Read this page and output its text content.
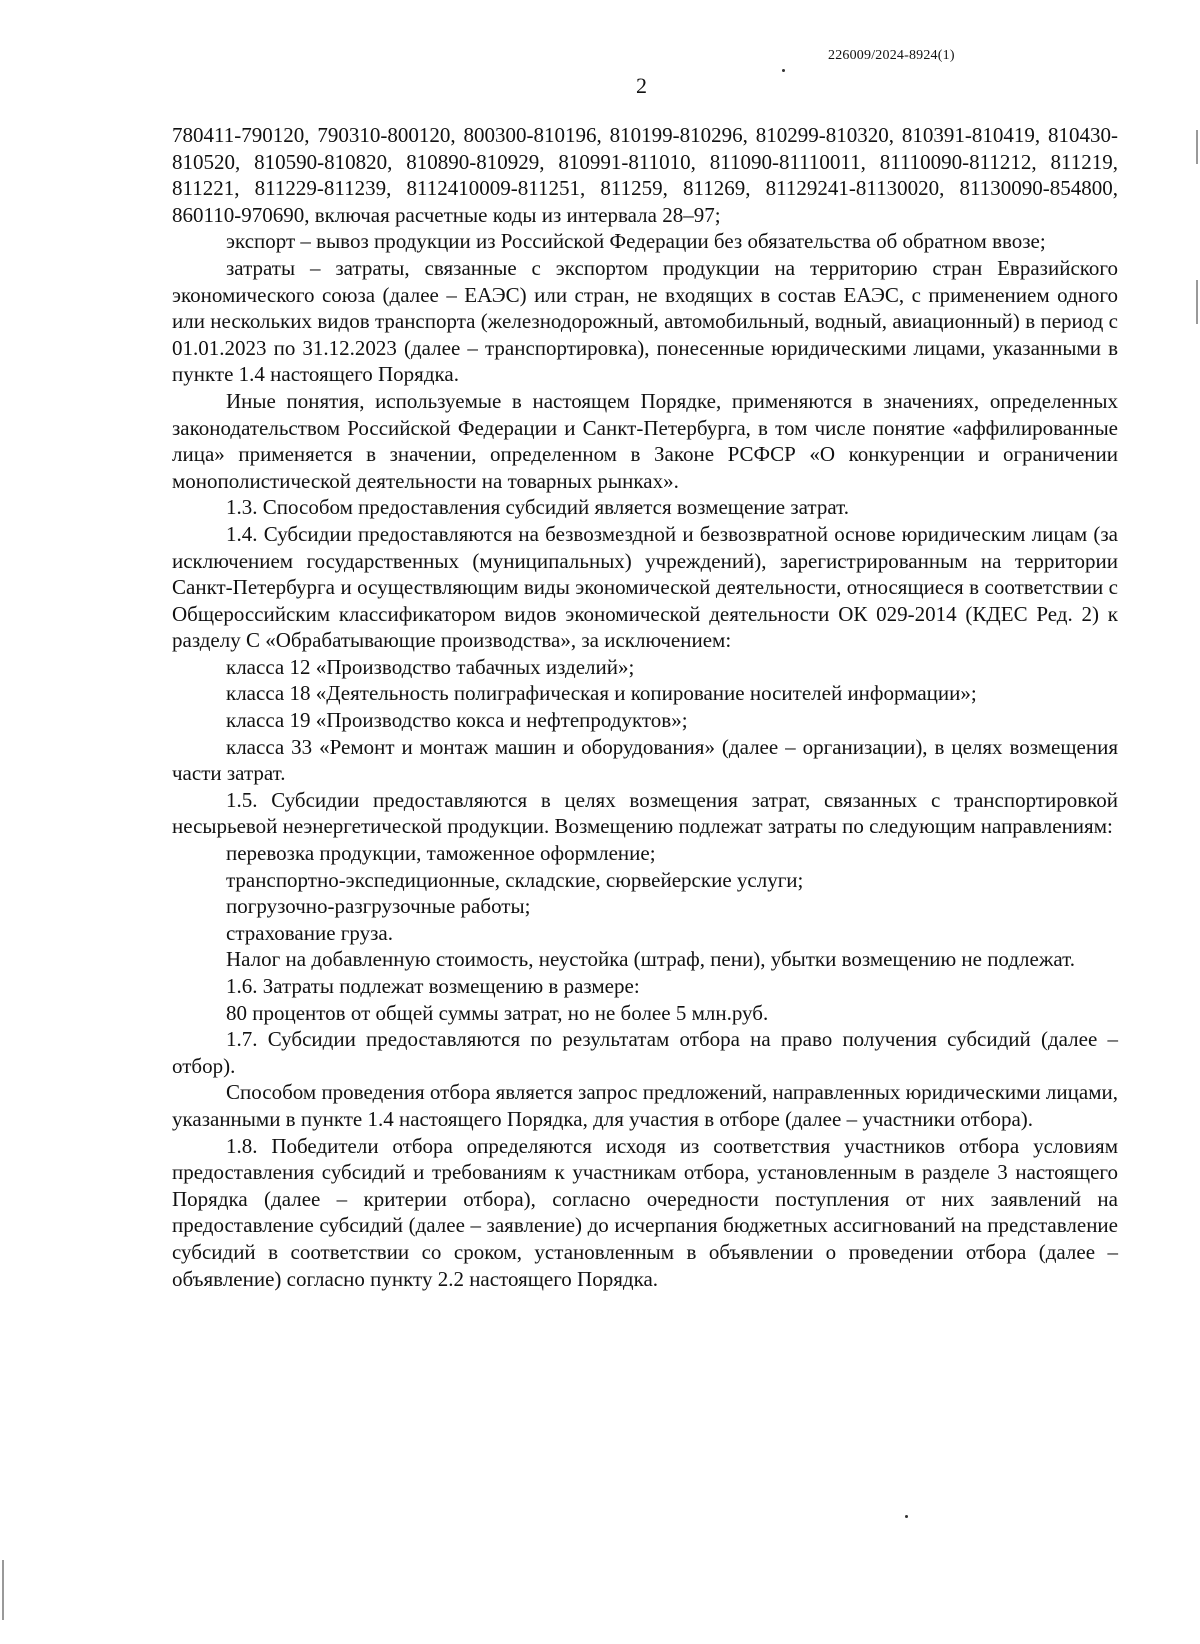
226009/2024-8924(1)
2

780411-790120, 790310-800120, 800300-810196, 810199-810296, 810299-810320, 810391-810419, 810430-810520, 810590-810820, 810890-810929, 810991-811010, 811090-81110011, 81110090-811212, 811219, 811221, 811229-811239, 8112410009-811251, 811259, 811269, 81129241-81130020, 81130090-854800, 860110-970690, включая расчетные коды из интервала 28–97;

экспорт – вывоз продукции из Российской Федерации без обязательства об обратном ввозе;

затраты – затраты, связанные с экспортом продукции на территорию стран Евразийского экономического союза (далее – ЕАЭС) или стран, не входящих в состав ЕАЭС, с применением одного или нескольких видов транспорта (железнодорожный, автомобильный, водный, авиационный) в период с 01.01.2023 по 31.12.2023 (далее – транспортировка), понесенные юридическими лицами, указанными в пункте 1.4 настоящего Порядка.

Иные понятия, используемые в настоящем Порядке, применяются в значениях, определенных законодательством Российской Федерации и Санкт-Петербурга, в том числе понятие «аффилированные лица» применяется в значении, определенном в Законе РСФСР «О конкуренции и ограничении монополистической деятельности на товарных рынках».

1.3. Способом предоставления субсидий является возмещение затрат.

1.4. Субсидии предоставляются на безвозмездной и безвозвратной основе юридическим лицам (за исключением государственных (муниципальных) учреждений), зарегистрированным на территории Санкт-Петербурга и осуществляющим виды экономической деятельности, относящиеся в соответствии с Общероссийским классификатором видов экономической деятельности ОК 029-2014 (КДЕС Ред. 2) к разделу С «Обрабатывающие производства», за исключением:

класса 12 «Производство табачных изделий»;

класса 18 «Деятельность полиграфическая и копирование носителей информации»;

класса 19 «Производство кокса и нефтепродуктов»;

класса 33 «Ремонт и монтаж машин и оборудования» (далее – организации), в целях возмещения части затрат.

1.5. Субсидии предоставляются в целях возмещения затрат, связанных с транспортировкой несырьевой неэнергетической продукции. Возмещению подлежат затраты по следующим направлениям:

перевозка продукции, таможенное оформление;

транспортно-экспедиционные, складские, сюрвейерские услуги;

погрузочно-разгрузочные работы;

страхование груза.

Налог на добавленную стоимость, неустойка (штраф, пени), убытки возмещению не подлежат.

1.6. Затраты подлежат возмещению в размере:

80 процентов от общей суммы затрат, но не более 5 млн.руб.

1.7. Субсидии предоставляются по результатам отбора на право получения субсидий (далее – отбор).

Способом проведения отбора является запрос предложений, направленных юридическими лицами, указанными в пункте 1.4 настоящего Порядка, для участия в отборе (далее – участники отбора).

1.8. Победители отбора определяются исходя из соответствия участников отбора условиям предоставления субсидий и требованиям к участникам отбора, установленным в разделе 3 настоящего Порядка (далее – критерии отбора), согласно очередности поступления от них заявлений на предоставление субсидий (далее – заявление) до исчерпания бюджетных ассигнований на представление субсидий в соответствии со сроком, установленным в объявлении о проведении отбора (далее – объявление) согласно пункту 2.2 настоящего Порядка.
